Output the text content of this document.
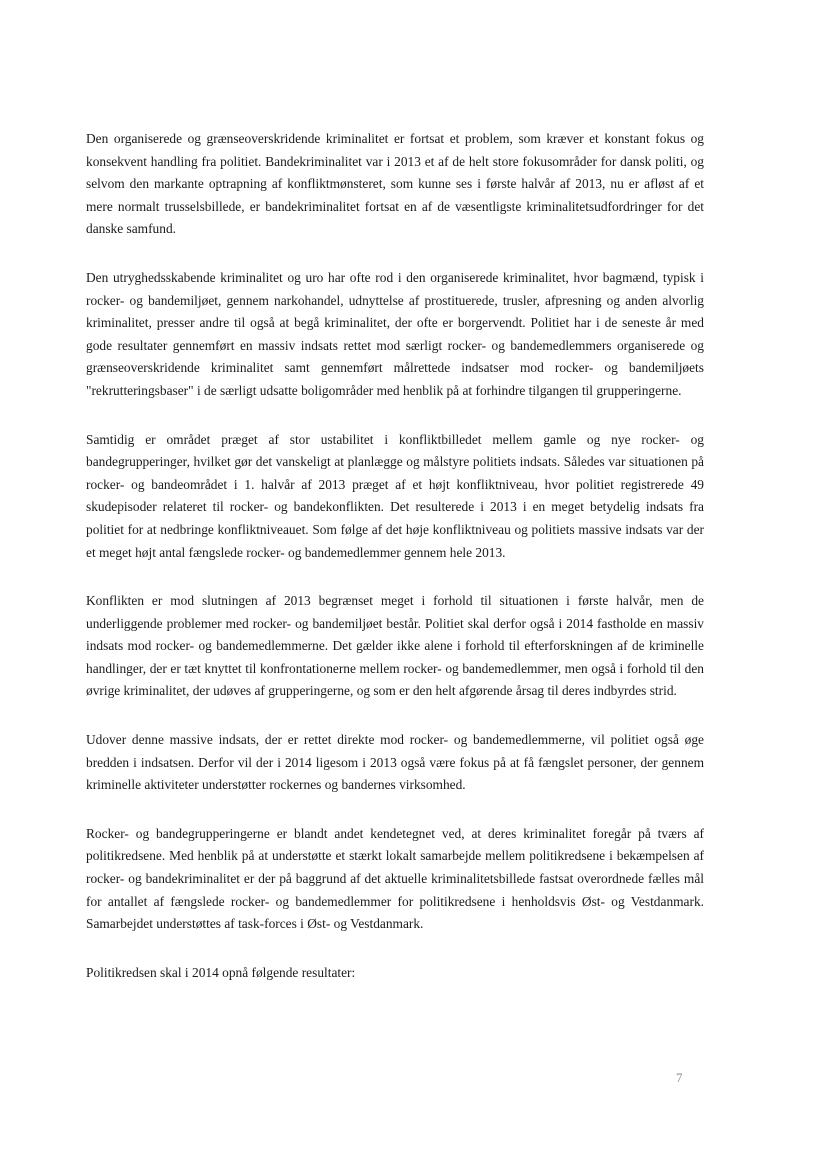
Den organiserede og grænseoverskridende kriminalitet er fortsat et problem, som kræver et konstant fokus og konsekvent handling fra politiet. Bandekriminalitet var i 2013 et af de helt store fokusområder for dansk politi, og selvom den markante optrapning af konfliktmønsteret, som kunne ses i første halvår af 2013, nu er afløst af et mere normalt trusselsbillede, er bandekriminalitet fortsat en af de væsentligste kriminalitetsudfordringer for det danske samfund.

Den utryghedsskabende kriminalitet og uro har ofte rod i den organiserede kriminalitet, hvor bagmænd, typisk i rocker- og bandemiljøet, gennem narkohandel, udnyttelse af prostituerede, trusler, afpresning og anden alvorlig kriminalitet, presser andre til også at begå kriminalitet, der ofte er borgervendt. Politiet har i de seneste år med gode resultater gennemført en massiv indsats rettet mod særligt rocker- og bandemedlemmers organiserede og grænseoverskridende kriminalitet samt gennemført målrettede indsatser mod rocker- og bandemiljøets "rekrutteringsbaser" i de særligt udsatte boligområder med henblik på at forhindre tilgangen til grupperingerne.

Samtidig er området præget af stor ustabilitet i konfliktbilledet mellem gamle og nye rocker- og bandegrupperinger, hvilket gør det vanskeligt at planlægge og målstyre politiets indsats. Således var situationen på rocker- og bandeområdet i 1. halvår af 2013 præget af et højt konfliktniveau, hvor politiet registrerede 49 skudepisoder relateret til rocker- og bandekonflikten. Det resulterede i 2013 i en meget betydelig indsats fra politiet for at nedbringe konfliktniveauet. Som følge af det høje konfliktniveau og politiets massive indsats var der et meget højt antal fængslede rocker- og bandemedlemmer gennem hele 2013.

Konflikten er mod slutningen af 2013 begrænset meget i forhold til situationen i første halvår, men de underliggende problemer med rocker- og bandemiljøet består. Politiet skal derfor også i 2014 fastholde en massiv indsats mod rocker- og bandemedlemmerne. Det gælder ikke alene i forhold til efterforskningen af de kriminelle handlinger, der er tæt knyttet til konfrontationerne mellem rocker- og bandemedlemmer, men også i forhold til den øvrige kriminalitet, der udøves af grupperingerne, og som er den helt afgørende årsag til deres indbyrdes strid.

Udover denne massive indsats, der er rettet direkte mod rocker- og bandemedlemmerne, vil politiet også øge bredden i indsatsen. Derfor vil der i 2014 ligesom i 2013 også være fokus på at få fængslet personer, der gennem kriminelle aktiviteter understøtter rockernes og bandernes virksomhed.

Rocker- og bandegrupperingerne er blandt andet kendetegnet ved, at deres kriminalitet foregår på tværs af politikredsene. Med henblik på at understøtte et stærkt lokalt samarbejde mellem politikredsene i bekæmpelsen af rocker- og bandekriminalitet er der på baggrund af det aktuelle kriminalitetsbillede fastsat overordnede fælles mål for antallet af fængslede rocker- og bandemedlemmer for politikredsene i henholdsvis Øst- og Vestdanmark. Samarbejdet understøttes af task-forces i Øst- og Vestdanmark.

Politikredsen skal i 2014 opnå følgende resultater:

7
